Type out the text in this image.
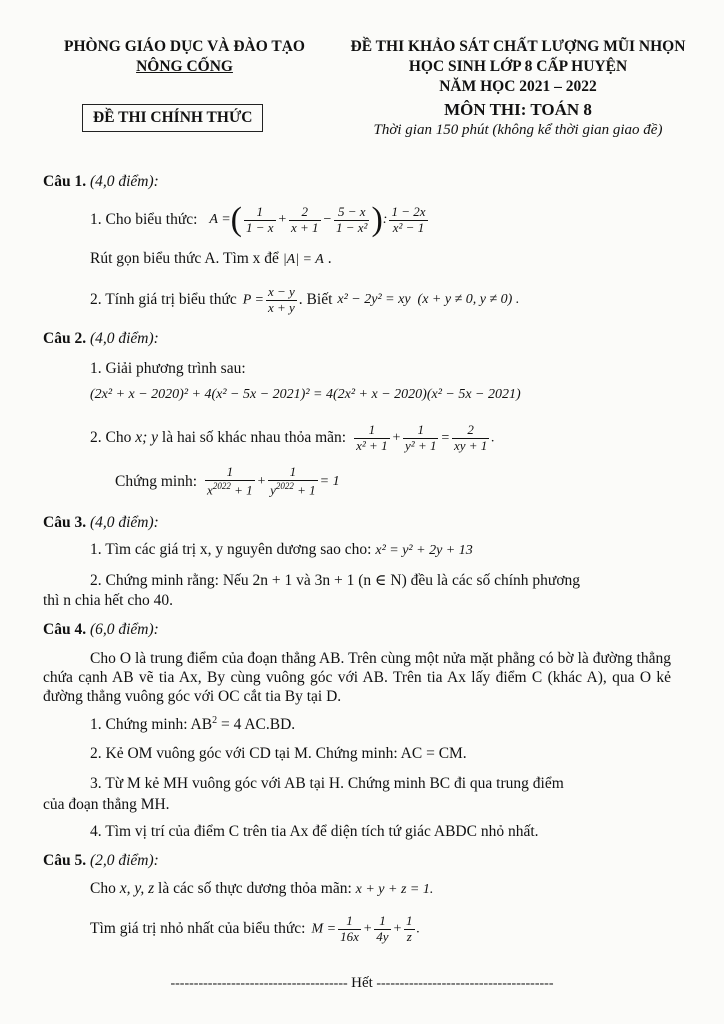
PHÒNG GIÁO DỤC VÀ ĐÀO TẠO
NÔNG CỐNG
ĐỀ THI CHÍNH THỨC
ĐỀ THI KHẢO SÁT CHẤT LƯỢNG MŨI NHỌN
HỌC SINH LỚP 8 CẤP HUYỆN
NĂM HỌC 2021 – 2022
MÔN THI: TOÁN 8
Thời gian 150 phút (không kể thời gian giao đề)
Câu 1. (4,0 điểm):
1. Cho biểu thức: A =( $\frac{1}{1 - x} + \frac{2}{x + 1} - \frac{5 - x}{\text{1 − x²}}$ ): $\frac{1 - 2x}{\text{x² − 1}}$
Rút gọn biểu thức A. Tìm x để |A| = A .
2. Tính giá trị biểu thức $P = \frac{x - y}{x + y}$ . Biết x² − 2y² = xy  (x + y ≠ 0, y ≠ 0) .
Câu 2. (4,0 điểm):
1. Giải phương trình sau:
(2x² + x − 2020)² + 4(x² − 5x − 2021)² = 4(2x² + x − 2020)(x² − 5x − 2021)
2. Cho
x; y
là hai số khác nhau thỏa mãn: $\frac{1}{\text{x² + 1}} + \frac{1}{\text{y² + 1}} = \frac{2}{xy + 1}$ .
Chứng minh: $\frac{1}{x^{2022} + 1} + \frac{1}{y^{2022} + 1} = 1$
Câu 3. (4,0 điểm):
1. Tìm các giá trị x, y nguyên dương sao cho: x² = y² + 2y + 13
2. Chứng minh rằng: Nếu 2n + 1 và 3n + 1 (n ∈ N) đều là các số chính phương
thì n chia hết cho 40.
Câu 4. (6,0 điểm):
Cho O là trung điểm của đoạn thẳng AB. Trên cùng một nửa mặt phẳng có bờ là đường thẳng chứa cạnh AB vẽ tia Ax, By cùng vuông góc với AB. Trên tia Ax lấy điểm C (khác A), qua O kẻ đường thẳng vuông góc với OC cắt tia By tại D.
1. Chứng minh: $AB^2 = 4$ AC.BD.
2. Kẻ OM vuông góc với CD tại M. Chứng minh: AC = CM.
3. Từ M kẻ MH vuông góc với AB tại H. Chứng minh BC đi qua trung điểm
của đoạn thẳng MH.
4. Tìm vị trí của điểm C trên tia Ax để diện tích tứ giác ABDC nhỏ nhất.
Câu 5. (2,0 điểm):
Cho x, y, z là các số thực dương thỏa mãn: x + y + z = 1.
Tìm giá trị nhỏ nhất của biểu thức: $M = \frac{1}{16x} + \frac{1}{4y} + \frac{1}{z}$ .
-------------------------------------- Hết --------------------------------------
